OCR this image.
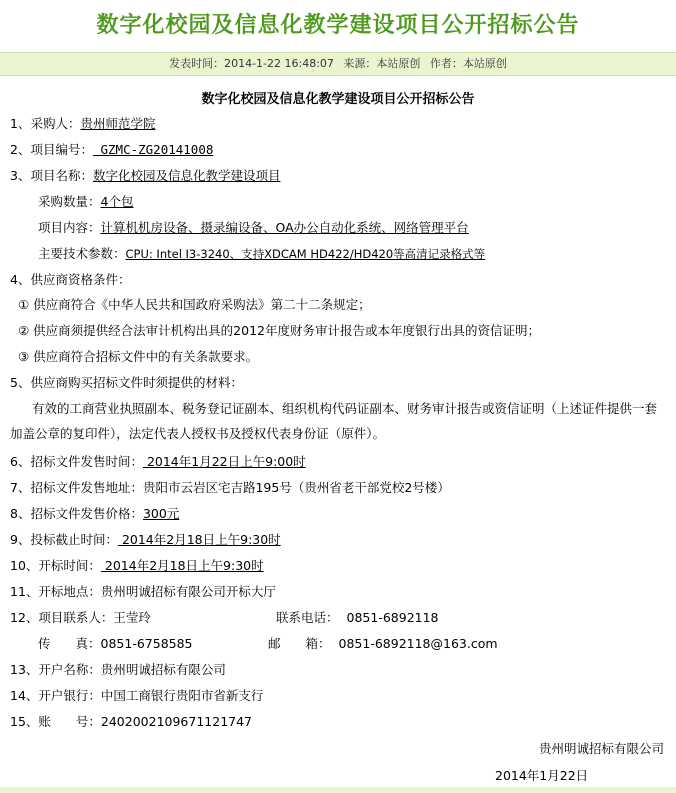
数字化校园及信息化教学建设项目公开招标公告
发表时间：2014-1-22 16:48:07 来源：本站原创 作者：本站原创
数字化校园及信息化教学建设项目公开招标公告
1、采购人：贵州师范学院
2、项目编号： GZMC-ZG20141008
3、项目名称：数字化校园及信息化教学建设项目
采购数量：4个包
项目内容：计算机机房设备、摄录编设备、OA办公自动化系统、网络管理平台
主要技术参数：CPU: Intel I3-3240、支持XDCAM HD422/HD420等高清记录格式等
4、供应商资格条件：
① 供应商符合《中华人民共和国政府采购法》第二十二条规定；
② 供应商须提供经合法审计机构出具的2012年度财务审计报告或本年度银行出具的资信证明；
③ 供应商符合招标文件中的有关条款要求。
5、供应商购买招标文件时须提供的材料：
有效的工商营业执照副本、税务登记证副本、组织机构代码证副本、财务审计报告或资信证明（上述证件提供一套加盖公章的复印件），法定代表人授权书及授权代表身份证（原件）。
6、招标文件发售时间： 2014年1月22日上午9:00时
7、招标文件发售地址：贵阳市云岩区宅吉路195号（贵州省老干部党校2号楼）
8、招标文件发售价格：300元
9、投标截止时间： 2014年2月18日上午9:30时
10、开标时间： 2014年2月18日上午9:30时
11、开标地点：贵州明诚招标有限公司开标大厅
12、项目联系人：王莹玲	联系电话： 0851-6892118
传　　真：0851-6758585	邮　　箱： 0851-6892118@163.com
13、开户名称：贵州明诚招标有限公司
14、开户银行：中国工商银行贵阳市省新支行
15、账　　号：2402002109671121747
贵州明诚招标有限公司
2014年1月22日
